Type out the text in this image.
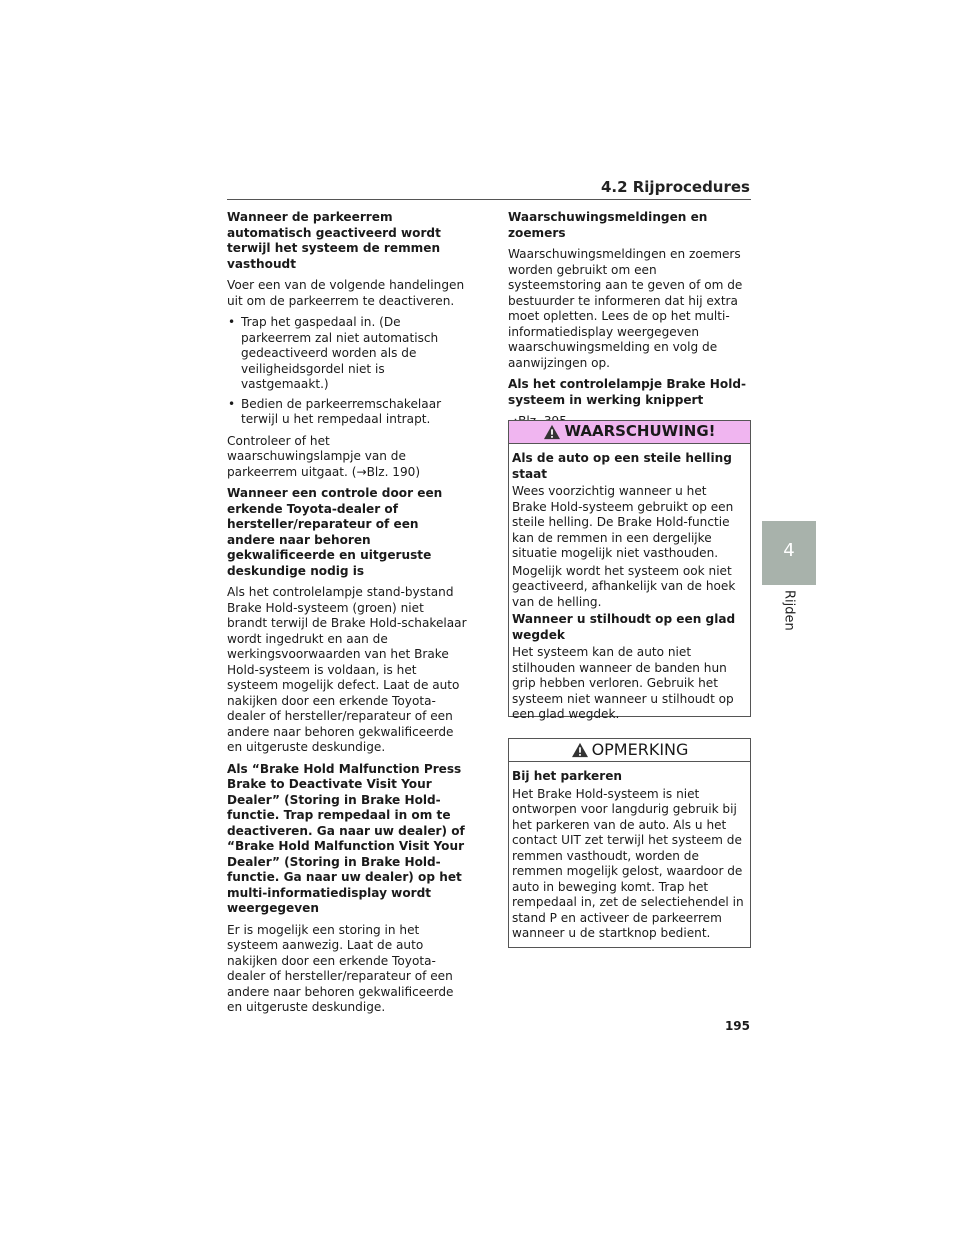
4.2 Rijprocedures
4
Rijden
Wanneer de parkeerrem automatisch geactiveerd wordt terwijl het systeem de remmen vasthoudt
Voer een van de volgende handelingen uit om de parkeerrem te deactiveren.
• Trap het gaspedaal in. (De parkeerrem zal niet automatisch gedeactiveerd worden als de veiligheidsgordel niet is vastgemaakt.)
• Bedien de parkeerremschakelaar terwijl u het rempedaal intrapt.
Controleer of het waarschuwingslampje van de parkeerrem uitgaat. (→Blz. 190)
Wanneer een controle door een erkende Toyota-dealer of hersteller/reparateur of een andere naar behoren gekwalificeerde en uitgeruste deskundige nodig is
Als het controlelampje stand-bystand Brake Hold-systeem (groen) niet brandt terwijl de Brake Hold-schakelaar wordt ingedrukt en aan de werkingsvoorwaarden van het Brake Hold-systeem is voldaan, is het systeem mogelijk defect. Laat de auto nakijken door een erkende Toyota-dealer of hersteller/reparateur of een andere naar behoren gekwalificeerde en uitgeruste deskundige.
Als “Brake Hold Malfunction Press Brake to Deactivate Visit Your Dealer” (Storing in Brake Hold-functie. Trap rempedaal in om te deactiveren. Ga naar uw dealer) of “Brake Hold Malfunction Visit Your Dealer” (Storing in Brake Hold-functie. Ga naar uw dealer) op het multi-informatiedisplay wordt weergegeven
Er is mogelijk een storing in het systeem aanwezig. Laat de auto nakijken door een erkende Toyota-dealer of hersteller/reparateur of een andere naar behoren gekwalificeerde en uitgeruste deskundige.
Waarschuwingsmeldingen en zoemers
Waarschuwingsmeldingen en zoemers worden gebruikt om een systeemstoring aan te geven of om de bestuurder te informeren dat hij extra moet opletten. Lees de op het multi-informatiedisplay weergegeven waarschuwingsmelding en volg de aanwijzingen op.
Als het controlelampje Brake Hold-systeem in werking knippert
WAARSCHUWING!
Als de auto op een steile helling staat
Wees voorzichtig wanneer u het Brake Hold-systeem gebruikt op een steile helling. De Brake Hold-functie kan de remmen in een dergelijke situatie mogelijk niet vasthouden.
Mogelijk wordt het systeem ook niet geactiveerd, afhankelijk van de hoek van de helling.
Wanneer u stilhoudt op een glad wegdek
Het systeem kan de auto niet stilhouden wanneer de banden hun grip hebben verloren. Gebruik het systeem niet wanneer u stilhoudt op een glad wegdek.
OPMERKING
Bij het parkeren
Het Brake Hold-systeem is niet ontworpen voor langdurig gebruik bij het parkeren van de auto. Als u het contact UIT zet terwijl het systeem de remmen vasthoudt, worden de remmen mogelijk gelost, waardoor de auto in beweging komt. Trap het rempedaal in, zet de selectiehendel in stand P en activeer de parkeerrem wanneer u de startknop bedient.
195
